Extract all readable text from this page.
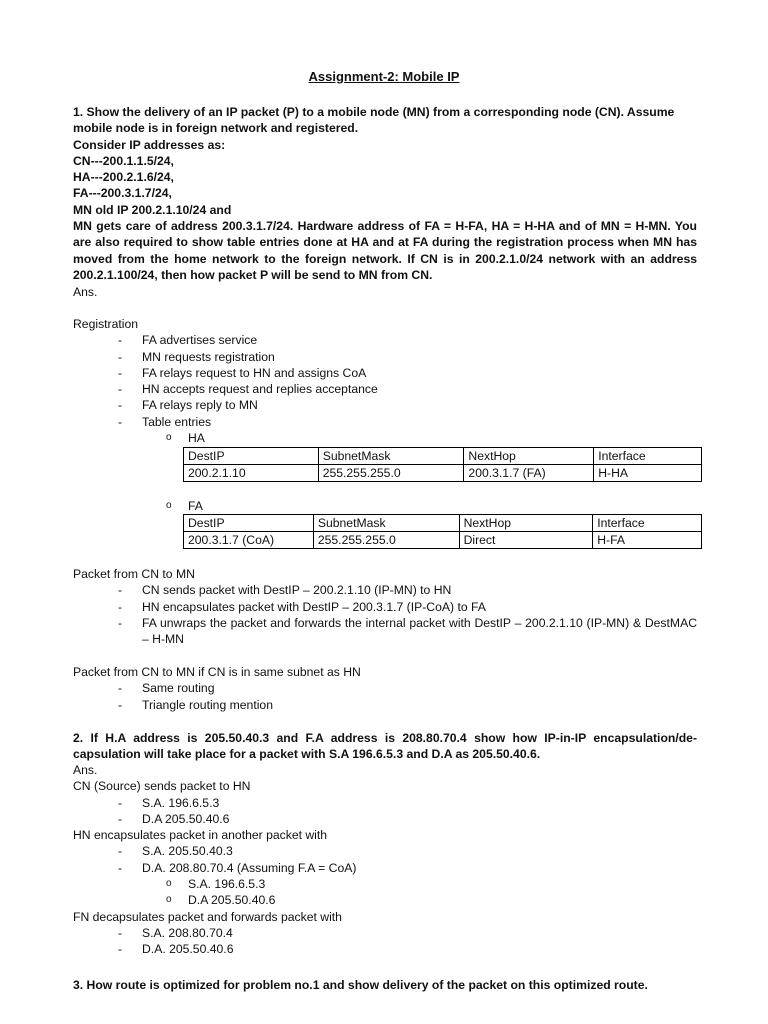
Assignment-2: Mobile IP
1. Show the delivery of an IP packet (P) to a mobile node (MN) from a corresponding node (CN). Assume mobile node is in foreign network and registered.
Consider IP addresses as:
CN---200.1.1.5/24,
HA---200.2.1.6/24,
FA---200.3.1.7/24,
MN old IP 200.2.1.10/24 and
MN gets care of address 200.3.1.7/24. Hardware address of FA = H-FA, HA = H-HA and of MN = H-MN. You are also required to show table entries done at HA and at FA during the registration process when MN has moved from the home network to the foreign network. If CN is in 200.2.1.0/24 network with an address 200.2.1.100/24, then how packet P will be send to MN from CN.
Ans.
Registration
- FA advertises service
- MN requests registration
- FA relays request to HN and assigns CoA
- HN accepts request and replies acceptance
- FA relays reply to MN
- Table entries
o HA
DestIP	SubnetMask	NextHop	Interface
200.2.1.10	255.255.255.0	200.3.1.7 (FA)	H-HA
o FA
DestIP	SubnetMask	NextHop	Interface
200.3.1.7 (CoA)	255.255.255.0	Direct	H-FA
Packet from CN to MN
- CN sends packet with DestIP – 200.2.1.10 (IP-MN) to HN
- HN encapsulates packet with DestIP – 200.3.1.7 (IP-CoA) to FA
- FA unwraps the packet and forwards the internal packet with DestIP – 200.2.1.10 (IP-MN) & DestMAC – H-MN
Packet from CN to MN if CN is in same subnet as HN
- Same routing
- Triangle routing mention
2. If H.A address is 205.50.40.3 and F.A address is 208.80.70.4 show how IP-in-IP encapsulation/de-capsulation will take place for a packet with S.A 196.6.5.3 and D.A as 205.50.40.6.
Ans.
CN (Source) sends packet to HN
- S.A. 196.6.5.3
- D.A 205.50.40.6
HN encapsulates packet in another packet with
- S.A. 205.50.40.3
- D.A. 208.80.70.4 (Assuming F.A = CoA)
o S.A. 196.6.5.3
o D.A 205.50.40.6
FN decapsulates packet and forwards packet with
- S.A. 208.80.70.4
- D.A. 205.50.40.6
3. How route is optimized for problem no.1 and show delivery of the packet on this optimized route.
